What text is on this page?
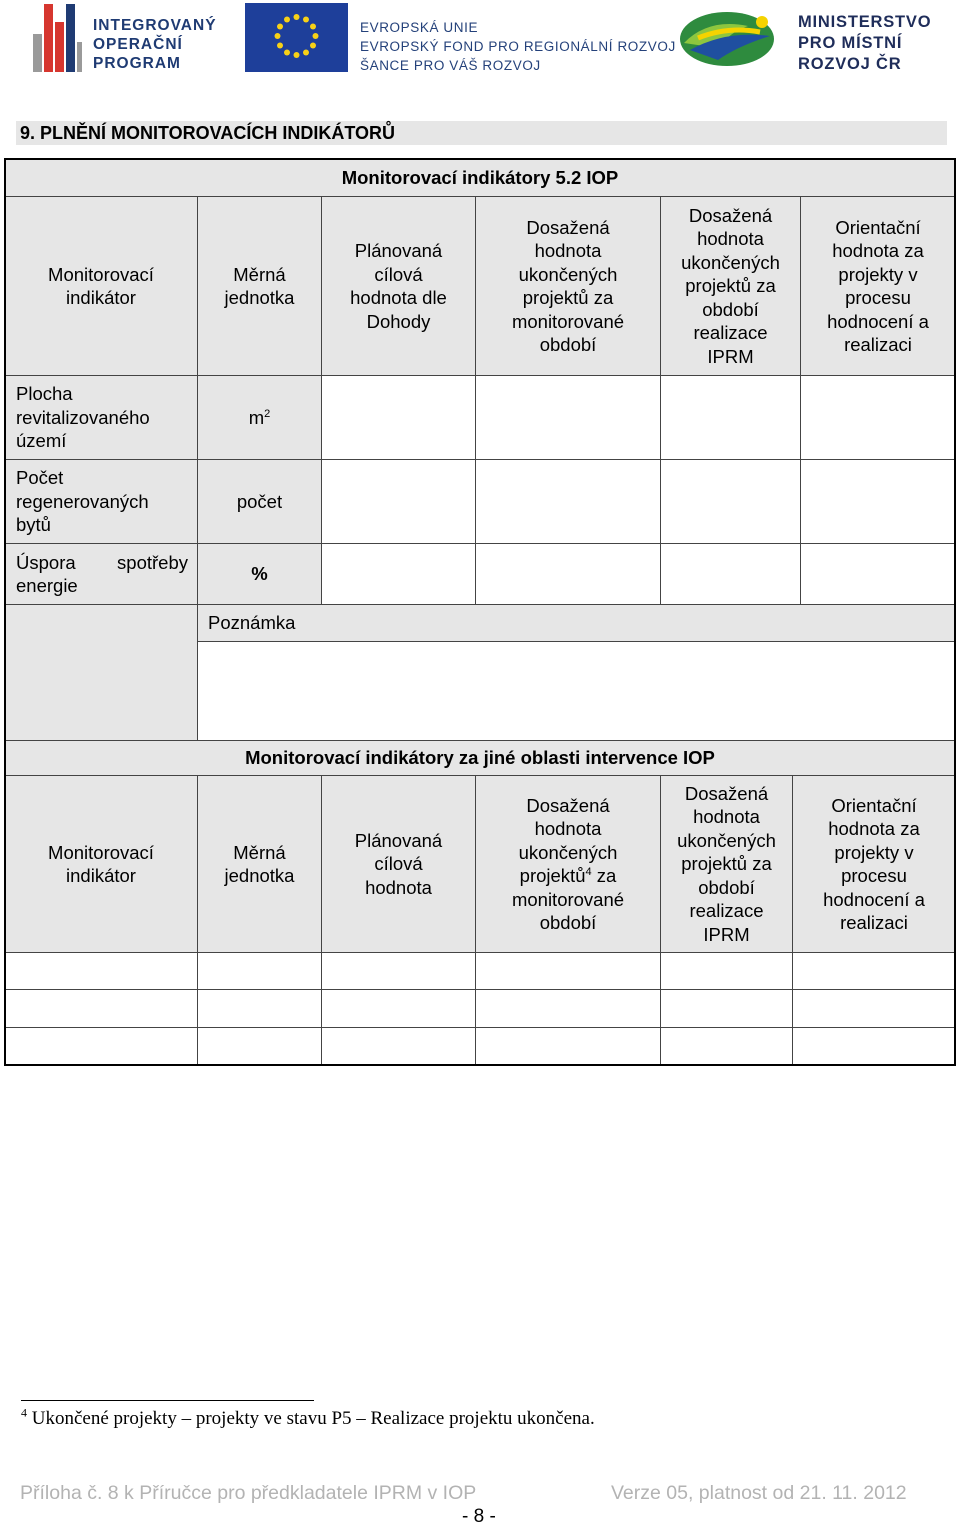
INTEGROVANÝ
OPERAČNÍ
PROGRAM
EVROPSKÁ UNIE
EVROPSKÝ FOND PRO REGIONÁLNÍ ROZVOJ
ŠANCE PRO VÁŠ ROZVOJ
MINISTERSTVO
PRO MÍSTNÍ
ROZVOJ ČR
9. PLNĚNÍ MONITOROVACÍCH INDIKÁTORŮ
Monitorovací indikátory 5.2 IOP
Monitorovací indikátor
Měrná jednotka
Plánovaná cílová hodnota dle Dohody
Dosažená hodnota ukončených projektů za monitorované období
Dosažená hodnota ukončených projektů za období realizace IPRM
Orientační hodnota za projekty v procesu hodnocení a realizaci
Plocha revitalizovaného území
$m^2$
Počet regenerovaných bytů
počet
Úspora spotřeby
energie
%
Poznámka
Monitorovací indikátory za jiné oblasti intervence IOP
Monitorovací indikátor
Měrná jednotka
Plánovaná cílová hodnota
Dosažená hodnota ukončených projektů$^4$ za monitorované období
Dosažená hodnota ukončených projektů za období realizace IPRM
Orientační hodnota za projekty v procesu hodnocení a realizaci
$^4$ Ukončené projekty – projekty ve stavu P5 – Realizace projektu ukončena.
Příloha č. 8 k Příručce pro předkladatele IPRM v IOP	Verze 05, platnost od 21. 11. 2012
- 8 -
